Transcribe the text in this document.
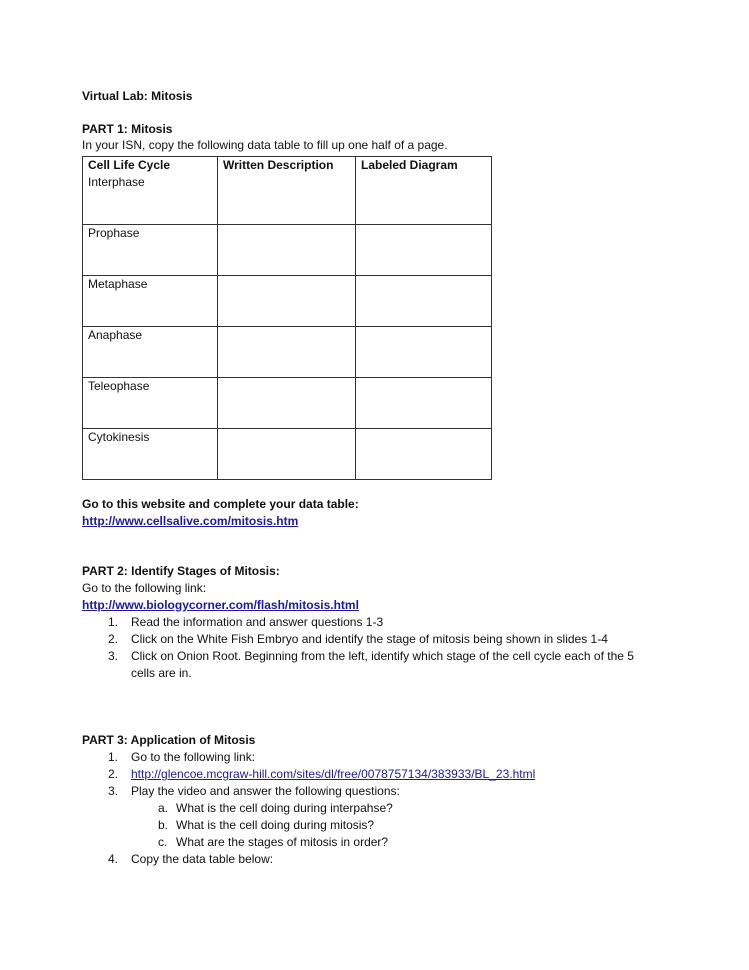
Virtual Lab: Mitosis
PART 1: Mitosis
In your ISN, copy the following data table to fill up one half of a page.
Cell Life Cycle	Written Description	Labeled Diagram
Interphase		
Prophase		
Metaphase		
Anaphase		
Teleophase		
Cytokinesis		
Go to this website and complete your data table:
http://www.cellsalive.com/mitosis.htm
PART 2: Identify Stages of Mitosis:
Go to the following link:
http://www.biologycorner.com/flash/mitosis.html
1. Read the information and answer questions 1-3
2. Click on the White Fish Embryo and identify the stage of mitosis being shown in slides 1-4
3. Click on Onion Root. Beginning from the left, identify which stage of the cell cycle each of the 5
cells are in.
PART 3: Application of Mitosis
1. Go to the following link:
2. http://glencoe.mcgraw-hill.com/sites/dl/free/0078757134/383933/BL_23.html
3. Play the video and answer the following questions:
a. What is the cell doing during interpahse?
b. What is the cell doing during mitosis?
c. What are the stages of mitosis in order?
4. Copy the data table below:
